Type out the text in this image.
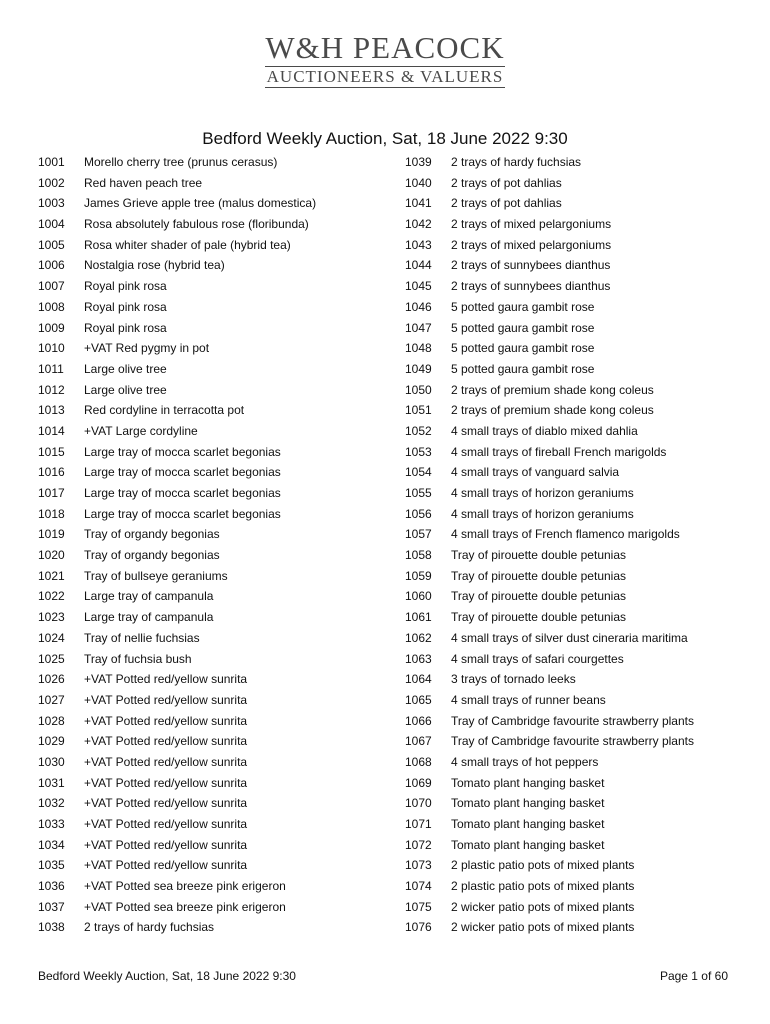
W&H PEACOCK
AUCTIONEERS & VALUERS
Bedford Weekly Auction, Sat, 18 June 2022 9:30
1001	Morello cherry tree (prunus cerasus)
1002	Red haven peach tree
1003	James Grieve apple tree (malus domestica)
1004	Rosa absolutely fabulous rose (floribunda)
1005	Rosa whiter shader of pale (hybrid tea)
1006	Nostalgia rose (hybrid tea)
1007	Royal pink rosa
1008	Royal pink rosa
1009	Royal pink rosa
1010	+VAT Red pygmy in pot
1011	Large olive tree
1012	Large olive tree
1013	Red cordyline in terracotta pot
1014	+VAT Large cordyline
1015	Large tray of mocca scarlet begonias
1016	Large tray of mocca scarlet begonias
1017	Large tray of mocca scarlet begonias
1018	Large tray of mocca scarlet begonias
1019	Tray of organdy begonias
1020	Tray of organdy begonias
1021	Tray of bullseye geraniums
1022	Large tray of campanula
1023	Large tray of campanula
1024	Tray of nellie fuchsias
1025	Tray of fuchsia bush
1026	+VAT Potted red/yellow sunrita
1027	+VAT Potted red/yellow sunrita
1028	+VAT Potted red/yellow sunrita
1029	+VAT Potted red/yellow sunrita
1030	+VAT Potted red/yellow sunrita
1031	+VAT Potted red/yellow sunrita
1032	+VAT Potted red/yellow sunrita
1033	+VAT Potted red/yellow sunrita
1034	+VAT Potted red/yellow sunrita
1035	+VAT Potted red/yellow sunrita
1036	+VAT Potted sea breeze pink erigeron
1037	+VAT Potted sea breeze pink erigeron
1038	2 trays of hardy fuchsias
1039	2 trays of hardy fuchsias
1040	2 trays of pot dahlias
1041	2 trays of pot dahlias
1042	2 trays of mixed pelargoniums
1043	2 trays of mixed pelargoniums
1044	2 trays of sunnybees dianthus
1045	2 trays of sunnybees dianthus
1046	5 potted gaura gambit rose
1047	5 potted gaura gambit rose
1048	5 potted gaura gambit rose
1049	5 potted gaura gambit rose
1050	2 trays of premium shade kong coleus
1051	2 trays of premium shade kong coleus
1052	4 small trays of diablo mixed dahlia
1053	4 small trays of fireball French marigolds
1054	4 small trays of vanguard salvia
1055	4 small trays of horizon geraniums
1056	4 small trays of horizon geraniums
1057	4 small trays of French flamenco marigolds
1058	Tray of pirouette double petunias
1059	Tray of pirouette double petunias
1060	Tray of pirouette double petunias
1061	Tray of pirouette double petunias
1062	4 small trays of silver dust cineraria maritima
1063	4 small trays of safari courgettes
1064	3 trays of tornado leeks
1065	4 small trays of runner beans
1066	Tray of Cambridge favourite strawberry plants
1067	Tray of Cambridge favourite strawberry plants
1068	4 small trays of hot peppers
1069	Tomato plant hanging basket
1070	Tomato plant hanging basket
1071	Tomato plant hanging basket
1072	Tomato plant hanging basket
1073	2 plastic patio pots of mixed plants
1074	2 plastic patio pots of mixed plants
1075	2 wicker patio pots of mixed plants
1076	2 wicker patio pots of mixed plants
Bedford Weekly Auction, Sat, 18 June 2022 9:30	Page 1 of 60
